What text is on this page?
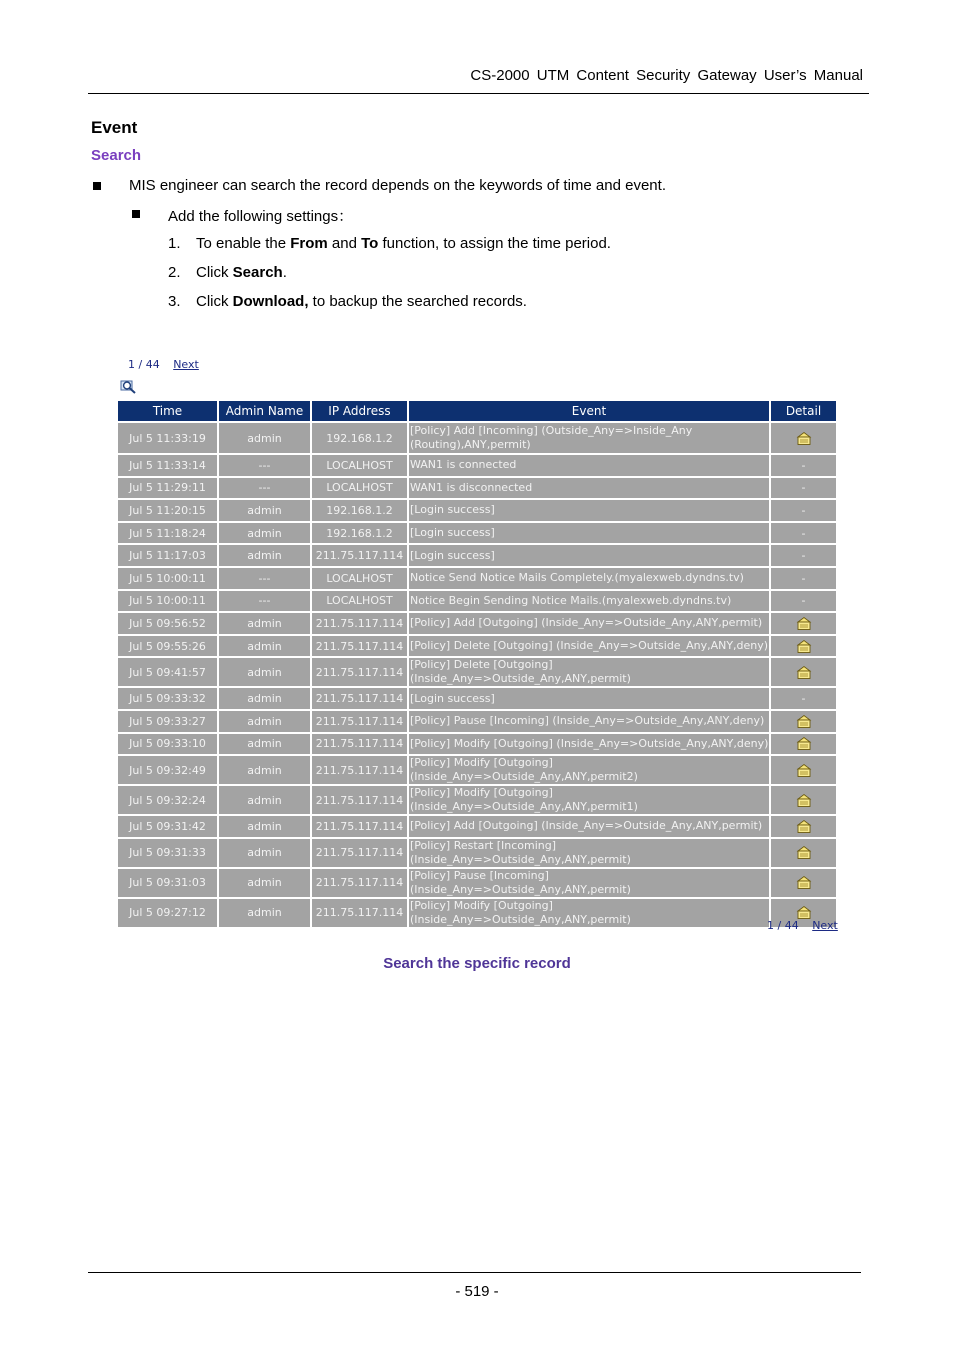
CS-2000 UTM Content Security Gateway User’s Manual
Event
Search
MIS engineer can search the record depends on the keywords of time and event.
Add the following settings：
1. To enable the From and To function, to assign the time period.
2. Click Search.
3. Click Download, to backup the searched records.
1 / 44 Next
Time	Admin Name	IP Address	Event	Detail
Jul 5 11:33:19	admin	192.168.1.2	[Policy] Add [Incoming] (Outside_Any=>Inside_Any (Routing),ANY,permit)	
Jul 5 11:33:14	---	LOCALHOST	WAN1 is connected	-
Jul 5 11:29:11	---	LOCALHOST	WAN1 is disconnected	-
Jul 5 11:20:15	admin	192.168.1.2	[Login success]	-
Jul 5 11:18:24	admin	192.168.1.2	[Login success]	-
Jul 5 11:17:03	admin	211.75.117.114	[Login success]	-
Jul 5 10:00:11	---	LOCALHOST	Notice Send Notice Mails Completely.(myalexweb.dyndns.tv)	-
Jul 5 10:00:11	---	LOCALHOST	Notice Begin Sending Notice Mails.(myalexweb.dyndns.tv)	-
Jul 5 09:56:52	admin	211.75.117.114	[Policy] Add [Outgoing] (Inside_Any=>Outside_Any,ANY,permit)	
Jul 5 09:55:26	admin	211.75.117.114	[Policy] Delete [Outgoing] (Inside_Any=>Outside_Any,ANY,deny)	
Jul 5 09:41:57	admin	211.75.117.114	[Policy] Delete [Outgoing] (Inside_Any=>Outside_Any,ANY,permit)	
Jul 5 09:33:32	admin	211.75.117.114	[Login success]	-
Jul 5 09:33:27	admin	211.75.117.114	[Policy] Pause [Incoming] (Inside_Any=>Outside_Any,ANY,deny)	
Jul 5 09:33:10	admin	211.75.117.114	[Policy] Modify [Outgoing] (Inside_Any=>Outside_Any,ANY,deny)	
Jul 5 09:32:49	admin	211.75.117.114	[Policy] Modify [Outgoing] (Inside_Any=>Outside_Any,ANY,permit2)	
Jul 5 09:32:24	admin	211.75.117.114	[Policy] Modify [Outgoing] (Inside_Any=>Outside_Any,ANY,permit1)	
Jul 5 09:31:42	admin	211.75.117.114	[Policy] Add [Outgoing] (Inside_Any=>Outside_Any,ANY,permit)	
Jul 5 09:31:33	admin	211.75.117.114	[Policy] Restart [Incoming] (Inside_Any=>Outside_Any,ANY,permit)	
Jul 5 09:31:03	admin	211.75.117.114	[Policy] Pause [Incoming] (Inside_Any=>Outside_Any,ANY,permit)	
Jul 5 09:27:12	admin	211.75.117.114	[Policy] Modify [Outgoing] (Inside_Any=>Outside_Any,ANY,permit)		1 / 44 Next
Search the specific record
- 519 -
